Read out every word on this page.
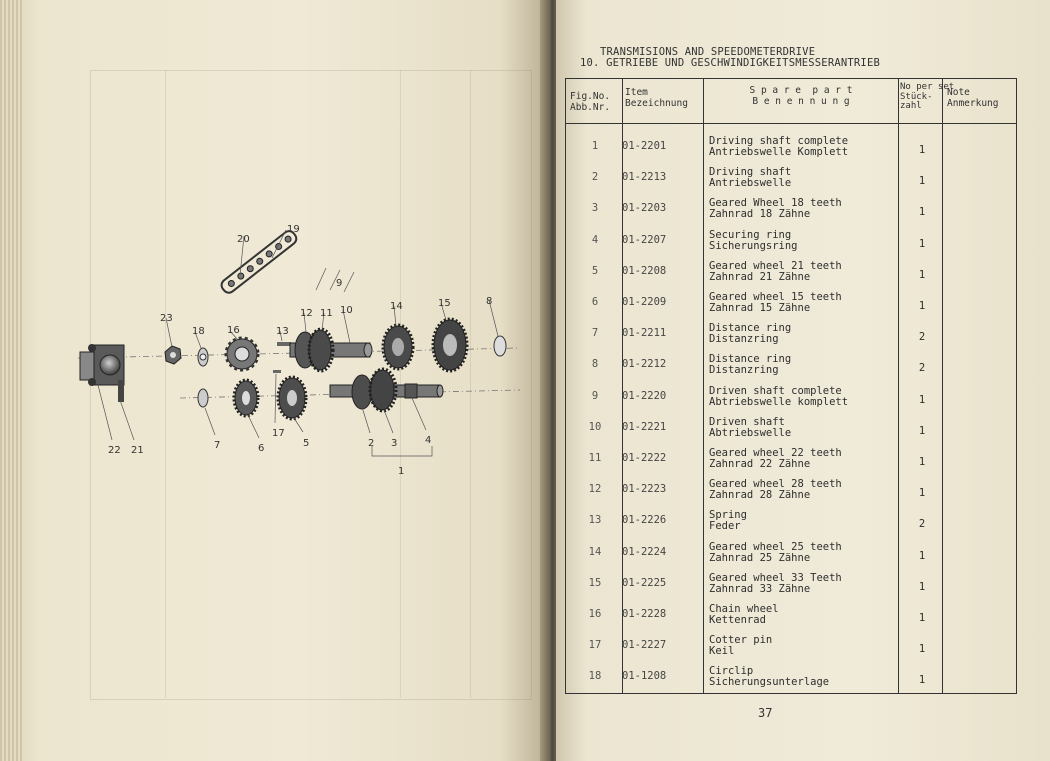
19
20
9
12 11 10	14	15	8
23
18 16	13
22 21	7	6
17
5	2 3	4
1
TRANSMISIONS AND SPEEDOMETERDRIVE
10. GETRIEBE UND GESCHWINDIGKEITSMESSERANTRIEB
Fig.No.
Abb.Nr.
Item
Bezeichnung
S p a r e  p a r t
B e n e n n u n g
No per set
Stück-
zahl
Note
Anmerkung
1	01-2201	Driving shaft complete
Antriebswelle Komplett	1
2	01-2213	Driving shaft
Antriebswelle	1
3	01-2203	Geared Wheel 18 teeth
Zahnrad 18 Zähne	1
4	01-2207	Securing ring
Sicherungsring	1
5	01-2208	Geared wheel 21 teeth
Zahnrad 21 Zähne	1
6	01-2209	Geared wheel 15 teeth
Zahnrad 15 Zähne	1
7	01-2211	Distance ring
Distanzring	2
8	01-2212	Distance ring
Distanzring	2
9	01-2220	Driven shaft complete
Abtriebswelle komplett	1
10	01-2221	Driven shaft
Abtriebswelle	1
11	01-2222	Geared wheel 22 teeth
Zahnrad 22 Zähne	1
12	01-2223	Geared wheel 28 teeth
Zahnrad 28 Zähne	1
13	01-2226	Spring
Feder	2
14	01-2224	Geared wheel 25 teeth
Zahnrad 25 Zähne	1
15	01-2225	Geared wheel 33 Teeth
Zahnrad 33 Zähne	1
16	01-2228	Chain wheel
Kettenrad	1
17	01-2227	Cotter pin
Keil	1
18	01-1208	Circlip
Sicherungsunterlage	1
37
